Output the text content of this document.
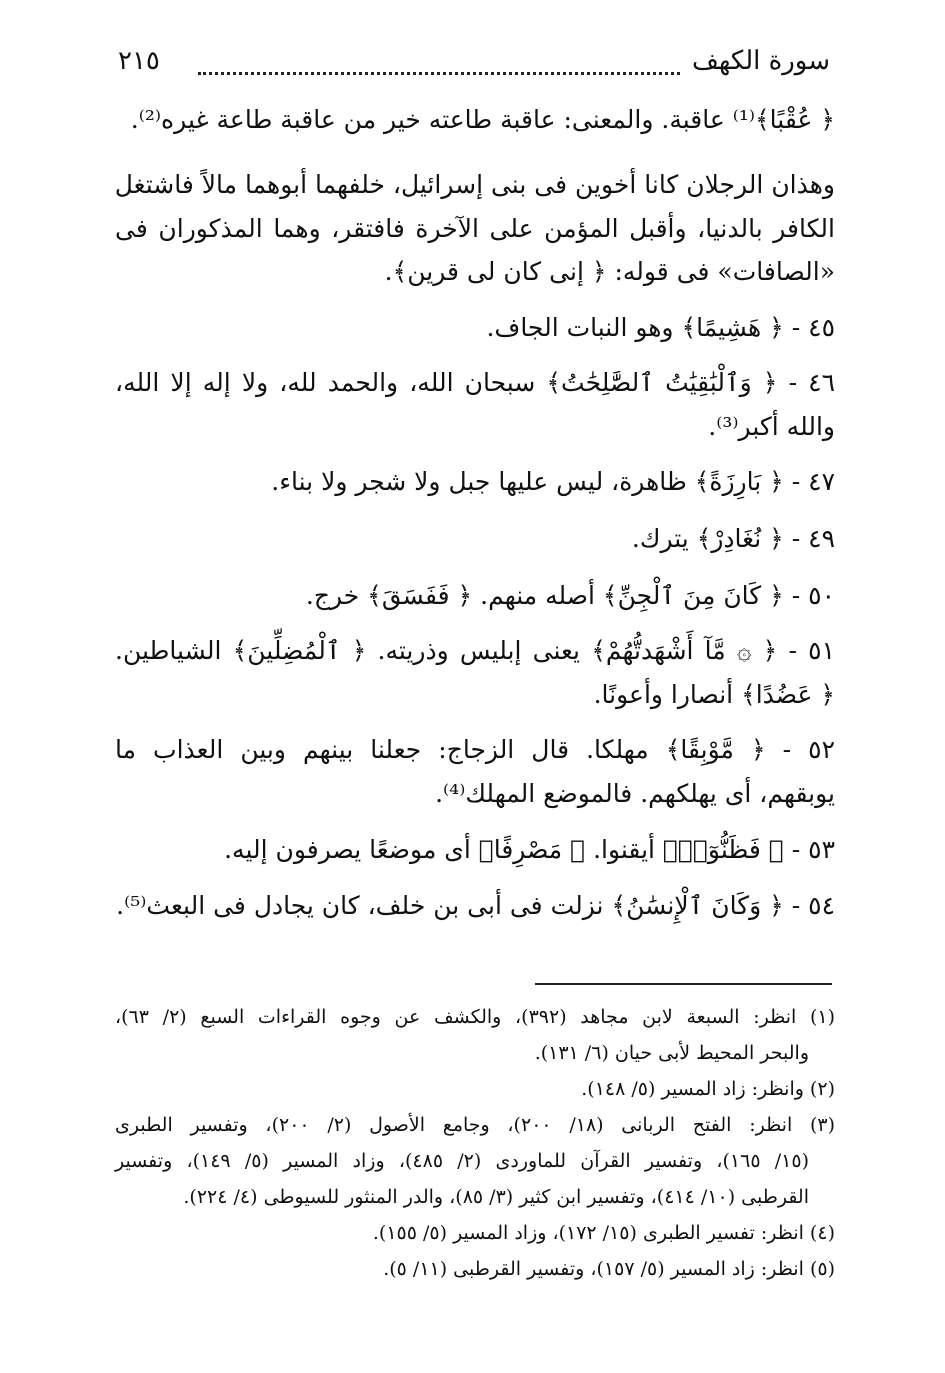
سورة الكهف
٢١٥
﴿ عُقْبًا﴾⁽¹⁾ عاقبة. والمعنى: عاقبة طاعته خير من عاقبة طاعة غيره⁽²⁾.
وهذان الرجلان كانا أخوين فى بنى إسرائيل، خلفهما أبوهما مالاً فاشتغل
الكافر بالدنيا، وأقبل المؤمن على الآخرة فافتقر، وهما المذكوران فى
«الصافات» فى قوله: ﴿ إنى كان لى قرين﴾.
٤٥ - ﴿ هَشِيمًا﴾ وهو النبات الجاف.
٤٦ - ﴿ وَٱلْبَٰقِيَٰتُ ٱلصَّٰلِحَٰتُ﴾ سبحان الله، والحمد لله، ولا إله إلا الله،
والله أكبر⁽³⁾.
٤٧ - ﴿ بَارِزَةً﴾ ظاهرة، ليس عليها جبل ولا شجر ولا بناء.
٤٩ - ﴿ نُغَادِرْ﴾ يترك.
٥٠ - ﴿ كَانَ مِنَ ٱلْجِنِّ﴾ أصله منهم. ﴿ فَفَسَقَ﴾ خرج.
٥١ - ﴿ ۞ مَّآ أَشْهَدتُّهُمْ﴾ يعنى إبليس وذريته. ﴿ ٱلْمُضِلِّينَ﴾ الشياطين.
﴿ عَضُدًا﴾ أنصارا وأعونًا.
٥٢ - ﴿ مَّوْبِقًا﴾ مهلكا. قال الزجاج: جعلنا بينهم وبين العذاب ما
يوبقهم، أى يهلكهم. فالموضع المهلك⁽⁴⁾.
٥٣ - ﴿ فَظَنُّوٓا۟﴾ أيقنوا. ﴿ مَصْرِفًا﴾ أى موضعًا يصرفون إليه.
٥٤ - ﴿ وَكَانَ ٱلْإِنسَٰنُ﴾ نزلت فى أبى بن خلف، كان يجادل فى البعث⁽⁵⁾.
(١) انظر: السبعة لابن مجاهد (٣٩٢)، والكشف عن وجوه القراءات السبع (٢/ ٦٣)،
والبحر المحيط لأبى حيان (٦/ ١٣١).
(٢) وانظر: زاد المسير (٥/ ١٤٨).
(٣) انظر: الفتح الربانى (١٨/ ٢٠٠)، وجامع الأصول (٢/ ٢٠٠)، وتفسير الطبرى
(١٥/ ١٦٥)، وتفسير القرآن للماوردى (٢/ ٤٨٥)، وزاد المسير (٥/ ١٤٩)، وتفسير
القرطبى (١٠/ ٤١٤)، وتفسير ابن كثير (٣/ ٨٥)، والدر المنثور للسيوطى (٤/ ٢٢٤).
(٤) انظر: تفسير الطبرى (١٥/ ١٧٢)، وزاد المسير (٥/ ١٥٥).
(٥) انظر: زاد المسير (٥/ ١٥٧)، وتفسير القرطبى (١١/ ٥).
